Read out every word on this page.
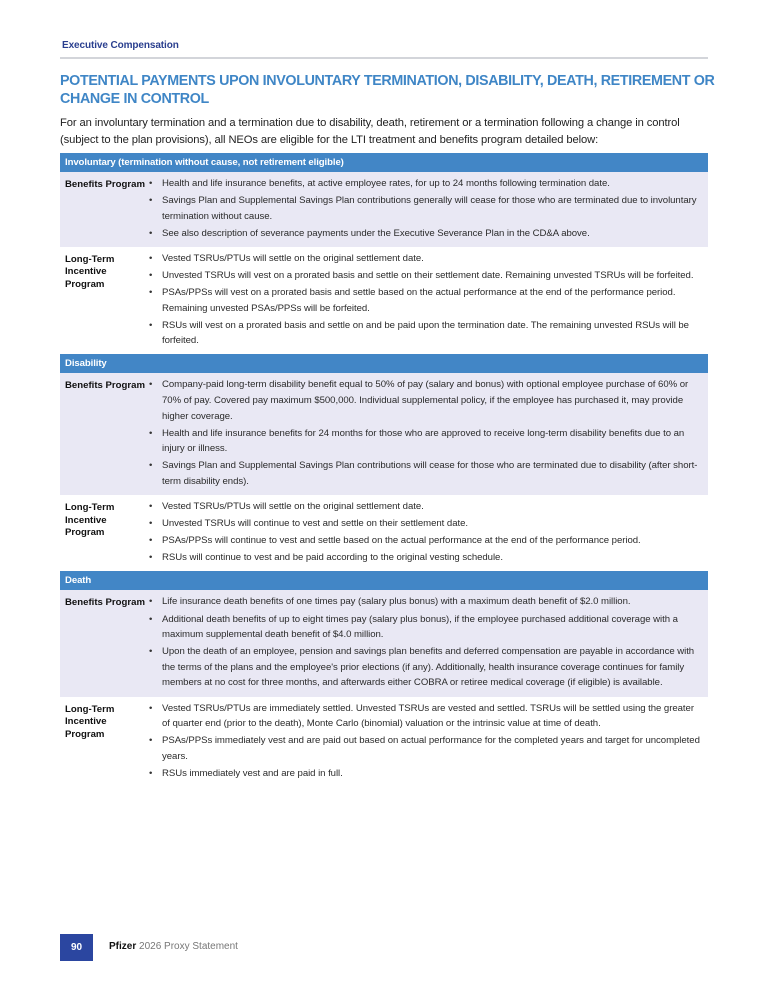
Executive Compensation
POTENTIAL PAYMENTS UPON INVOLUNTARY TERMINATION, DISABILITY, DEATH, RETIREMENT OR CHANGE IN CONTROL

For an involuntary termination and a termination due to disability, death, retirement or a termination following a change in control (subject to the plan provisions), all NEOs are eligible for the LTI treatment and benefits program detailed below:

Involuntary (termination without cause, not retirement eligible)
Benefits Program	• Health and life insurance benefits, at active employee rates, for up to 24 months following termination date.
• Savings Plan and Supplemental Savings Plan contributions generally will cease for those who are terminated due to involuntary termination without cause.
• See also description of severance payments under the Executive Severance Plan in the CD&A above.
Long-Term Incentive Program
• Vested TSRUs/PTUs will settle on the original settlement date.
• Unvested TSRUs will vest on a prorated basis and settle on their settlement date. Remaining unvested TSRUs will be forfeited.
• PSAs/PPSs will vest on a prorated basis and settle based on the actual performance at the end of the performance period. Remaining unvested PSAs/PPSs will be forfeited.
• RSUs will vest on a prorated basis and settle on and be paid upon the termination date. The remaining unvested RSUs will be forfeited.
Disability
Benefits Program	• Company-paid long-term disability benefit equal to 50% of pay (salary and bonus) with optional employee purchase of 60% or 70% of pay. Covered pay maximum $500,000. Individual supplemental policy, if the employee has purchased it, may provide higher coverage.
• Health and life insurance benefits for 24 months for those who are approved to receive long-term disability benefits due to an injury or illness.
• Savings Plan and Supplemental Savings Plan contributions will cease for those who are terminated due to disability (after short-term disability ends).
Long-Term Incentive Program
• Vested TSRUs/PTUs will settle on the original settlement date.
• Unvested TSRUs will continue to vest and settle on their settlement date.
• PSAs/PPSs will continue to vest and settle based on the actual performance at the end of the performance period.
• RSUs will continue to vest and be paid according to the original vesting schedule.
Death
Benefits Program	• Life insurance death benefits of one times pay (salary plus bonus) with a maximum death benefit of $2.0 million.
• Additional death benefits of up to eight times pay (salary plus bonus), if the employee purchased additional coverage with a maximum supplemental death benefit of $4.0 million.
• Upon the death of an employee, pension and savings plan benefits and deferred compensation are payable in accordance with the terms of the plans and the employee's prior elections (if any). Additionally, health insurance coverage continues for family members at no cost for three months, and afterwards either COBRA or retiree medical coverage (if eligible) is available.
Long-Term Incentive Program
• Vested TSRUs/PTUs are immediately settled. Unvested TSRUs are vested and settled. TSRUs will be settled using the greater of quarter end (prior to the death), Monte Carlo (binomial) valuation or the intrinsic value at time of death.
• PSAs/PPSs immediately vest and are paid out based on actual performance for the completed years and target for uncompleted years.
• RSUs immediately vest and are paid in full.
90	Pfizer 2026 Proxy Statement
